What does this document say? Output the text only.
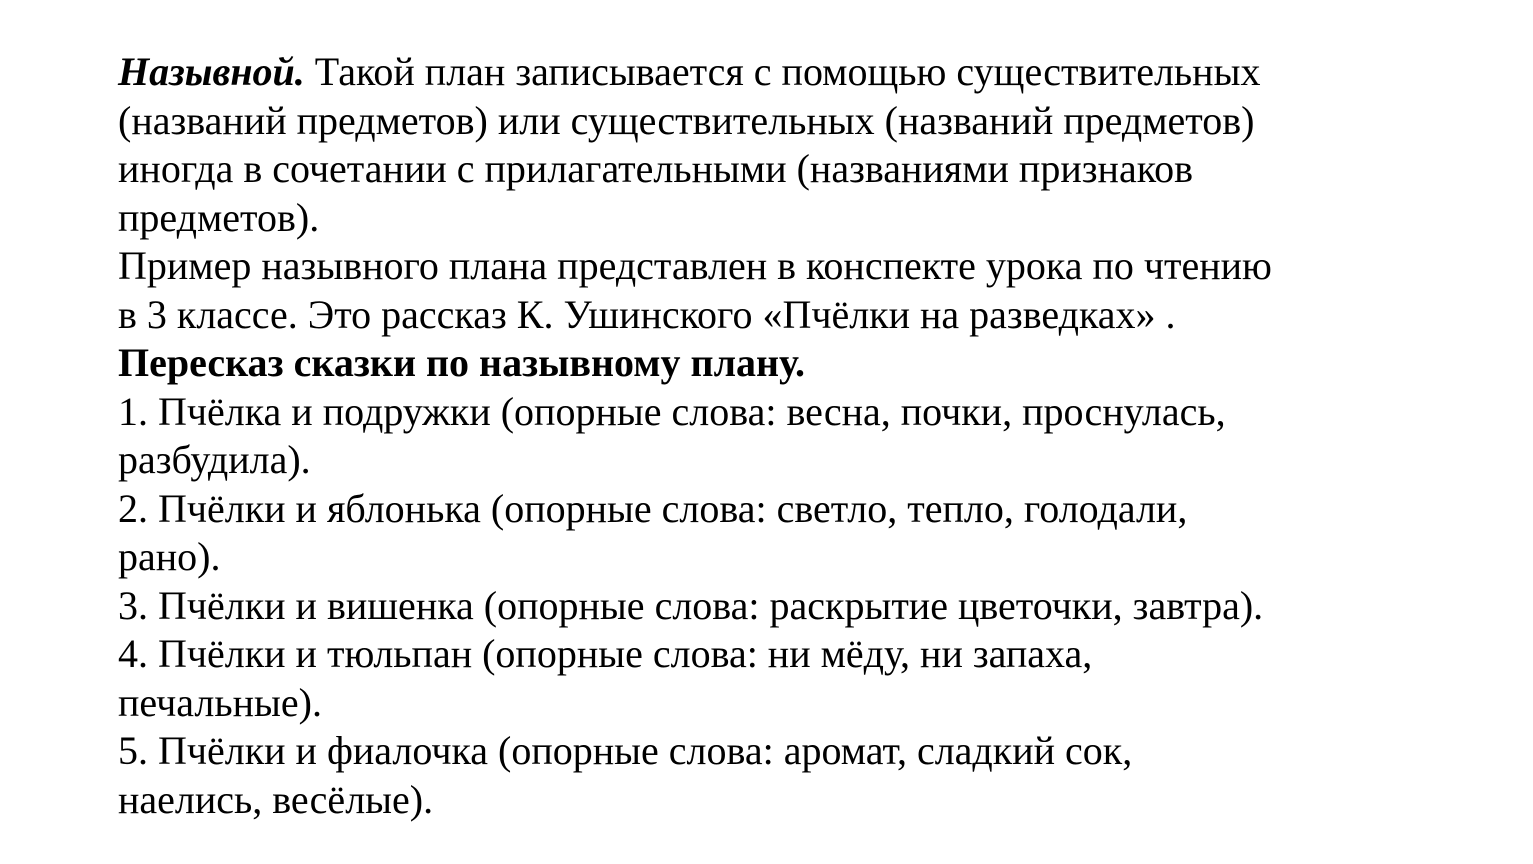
Назывной. Такой план записывается с помощью существительных
(названий предметов) или существительных (названий предметов)
иногда в сочетании с прилагательными (названиями признаков
предметов).
Пример назывного плана представлен в конспекте урока по чтению
в 3 классе. Это рассказ К. Ушинского «Пчёлки на разведках» .
Пересказ сказки по назывному плану.
1. Пчёлка и подружки (опорные слова: весна, почки, проснулась,
разбудила).
2. Пчёлки и яблонька (опорные слова: светло, тепло, голодали,
рано).
3. Пчёлки и вишенка (опорные слова: раскрытие цветочки, завтра).
4. Пчёлки и тюльпан (опорные слова: ни мёду, ни запаха,
печальные).
5. Пчёлки и фиалочка (опорные слова: аромат, сладкий сок,
наелись, весёлые).
